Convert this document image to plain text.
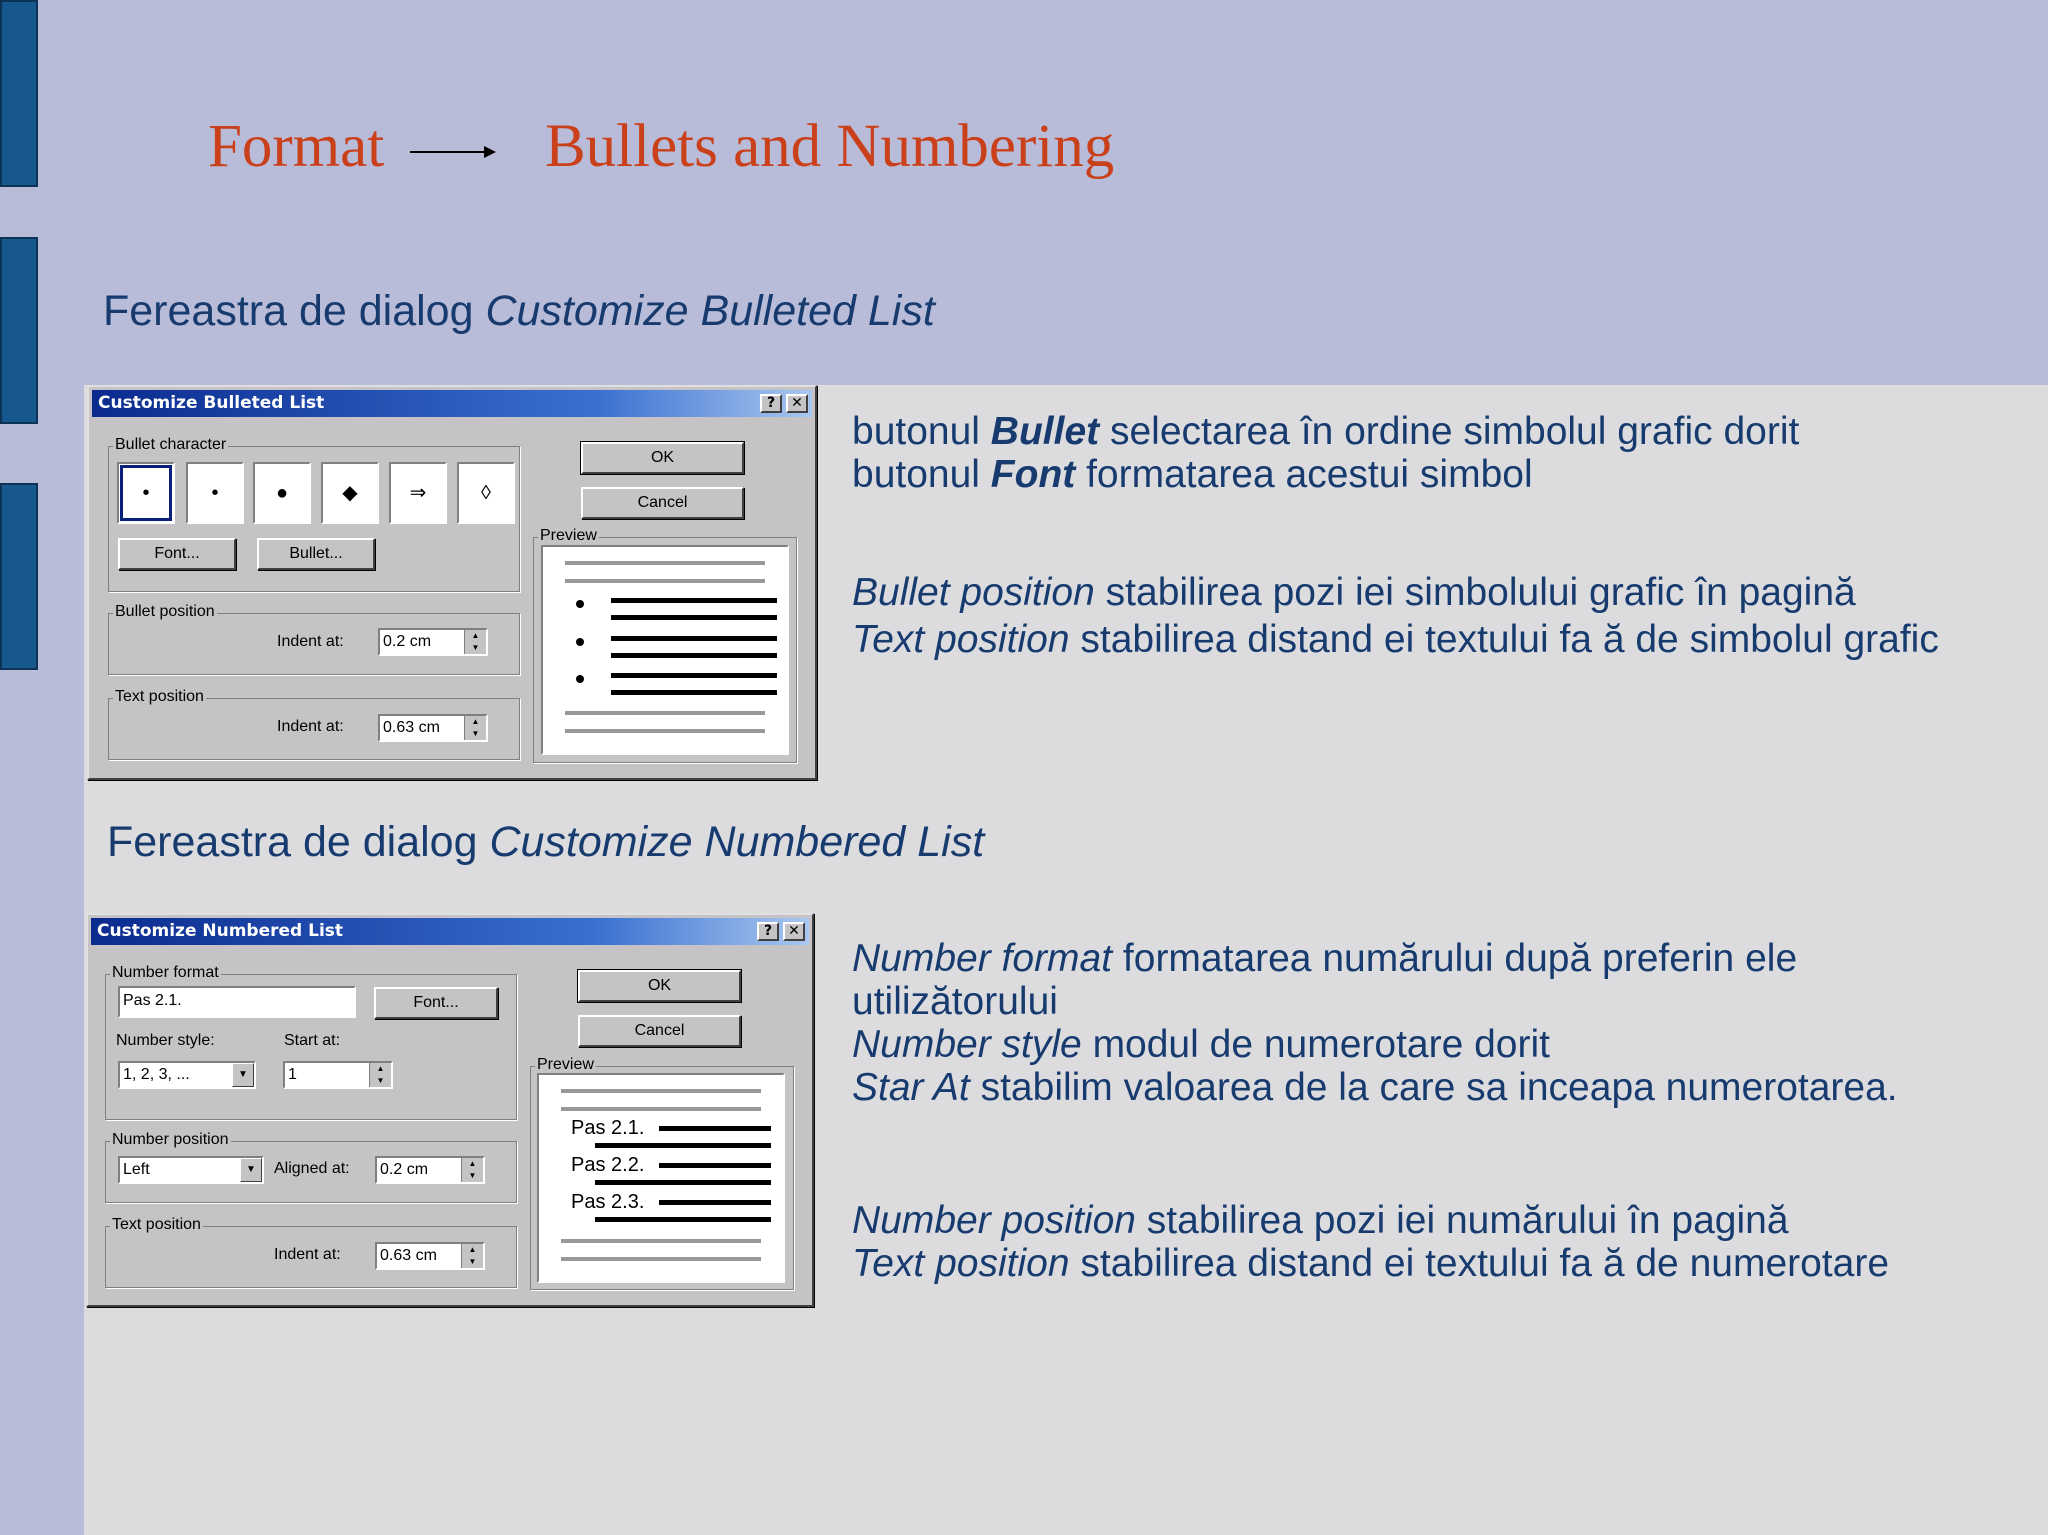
Format	Bullets and Numbering
Fereastra de dialog Customize Bulleted List
Fereastra de dialog Customize Numbered List
Customize Bulleted List	?	✕
Bullet character
•	•	●	◆	⇒	◊
Font...	Bullet...
Bullet position
Indent at:	0.2 cm	▲
▼
Text position
Indent at:	0.63 cm	▲
▼
OK
Cancel
Preview
Customize Numbered List	?	✕
Number format
Pas 2.1.	Font...
Number style:	Start at:
1, 2, 3, ...	▼	1	▲
▼
Number position
Left	▼	Aligned at:	0.2 cm	▲
▼
Text position
Indent at:	0.63 cm	▲
▼
OK
Cancel
Preview
Pas 2.1.
Pas 2.2.
Pas 2.3.
butonul Bullet selectarea în ordine simbolul grafic dorit
butonul Font formatarea acestui simbol
Bullet position stabilirea pozi iei simbolului grafic în pagină
Text position stabilirea distand ei textului fa ă de simbolul grafic
Number format formatarea numărului după preferin ele
utilizătorului
Number style modul de numerotare dorit
Star At stabilim valoarea de la care sa inceapa numerotarea.
Number position stabilirea pozi iei numărului în pagină
Text position stabilirea distand ei textului fa ă de numerotare
